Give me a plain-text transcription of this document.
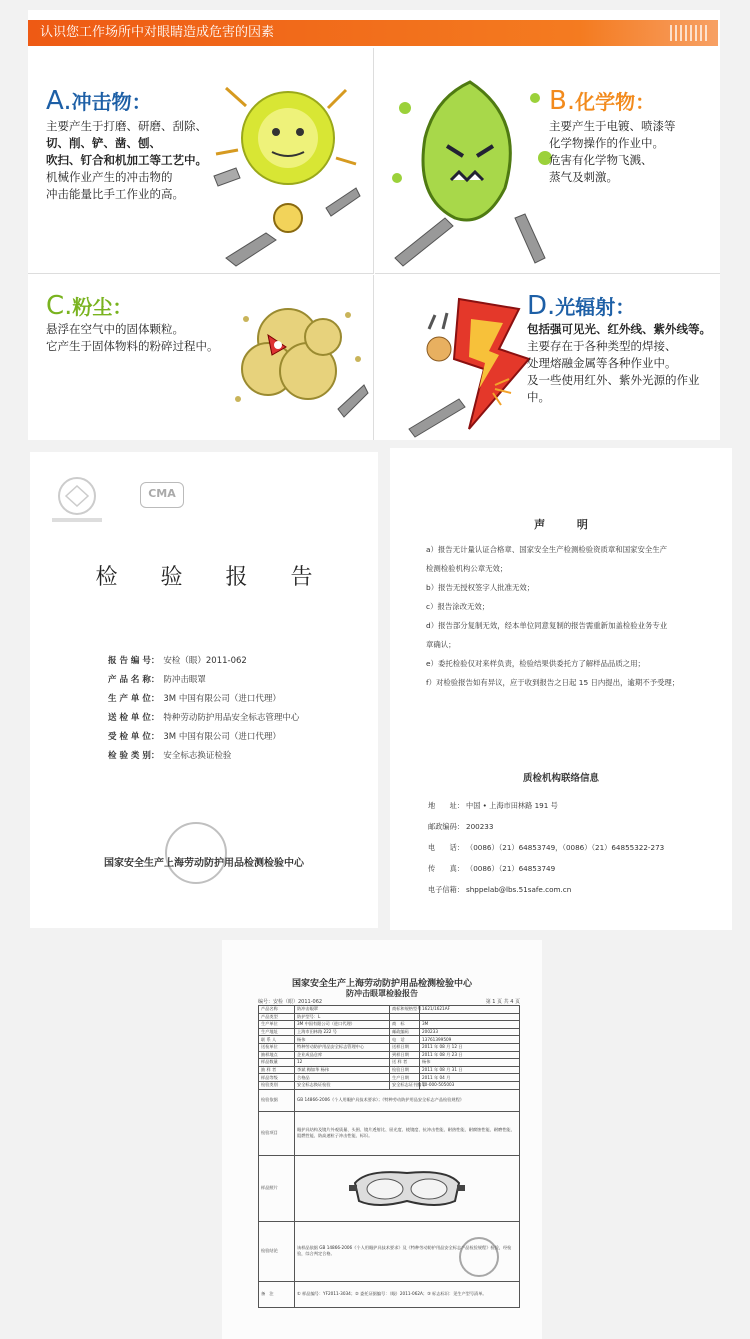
认识您工作场所中对眼睛造成危害的因素
A.冲击物：
主要产生于打磨、研磨、刮除、
切、削、铲、凿、刨、
吹扫、钉合和机加工等工艺中。
机械作业产生的冲击物的
冲击能量比手工作业的高。
B.化学物：
主要产生于电镀、喷漆等
化学物操作的作业中。
危害有化学物飞溅、
蒸气及刺激。
C.粉尘：
悬浮在空气中的固体颗粒。
它产生于固体物料的粉碎过程中。
D.光辐射：
包括强可见光、红外线、紫外线等。
主要存在于各种类型的焊接、
处理熔融金属等各种作业中。
及一些使用红外、紫外光源的作业中。
CMA
检 验 报 告
报 告 编 号： 安检（眼）2011-062
产 品 名 称： 防冲击眼罩
生 产 单 位： 3M 中国有限公司（进口代理）
送 检 单 位： 特种劳动防护用品安全标志管理中心
受 检 单 位： 3M 中国有限公司（进口代理）
检 验 类 别： 安全标志换证检验
国家安全生产上海劳动防护用品检测检验中心
声 明
a）报告无计量认证合格章、国家安全生产检测检验资质章和国家安全生产
检测检验机构公章无效；
b）报告无授权签字人批准无效；
c）报告涂改无效；
d）报告部分复制无效，经本单位同意复制的报告需重新加盖检验业务专业
章确认；
e）委托检验仅对来样负责，检验结果供委托方了解样品品质之用；
f）对检验报告如有异议，应于收到报告之日起 15 日内提出，逾期不予受理；
质检机构联络信息
地　　址： 中国 • 上海市田林路 191 号
邮政编码： 200233
电　　话： （0086）（21）64853749，（0086）（21）64855322-273
传　　真： （0086）（21）64853749
电子信箱： shppelab@lbs.51safe.com.cn
国家安全生产上海劳动防护用品检测检验中心
防冲击眼罩检验报告
编号：安检（眼）2011-062	第 1 页 共 4 页
产品名称	防冲击眼罩	商标和规格型号	1621/1621AF
产品类型	防护型号：L		
生产单位	3M 中国有限公司（进口代理）	商　标	3M
生产地址	上海市田林路 222 号	邮政编码	200233
联 系 人	杨伟	电　话	13761399509
送检单位	特种劳动防护用品安全标志管理中心	送样日期	2011 年 08 月 12 日
抽样地点	企业成品仓库	到样日期	2011 年 08 月 23 日
样品数量	12	送 样 者	杨伟
抽 样 者	李斌 梅如华 杨伟	检验日期	2011 年 08 月 31 日
样品等级	合格品	生产日期	2011 年 04 月
检验类别	安全标志换证检验	安全标志证书编号	10-000-505003
检验依据	GB 14866-2006《个人用眼护具技术要求》；《特种劳动防护用品安全标志产品检验规程》		
检验项目	眼护具结构及镜片外观质量、头围、镜片透射比、屈光度、棱镜度、抗冲击性能、耐热性能、耐腐蚀性能、耐磨性能、阻燃性能、防高速粒子冲击性能、标识。		
样品照片	

检验结论	该样品依据 GB 14866-2006《个人用眼护具技术要求》及《特种劳动防护用品安全标志产品检验规程》检验，经检验，综合判定合格。		

备　注	① 样品编号：YF2011-3034；② 委托证据编号：（眼）2011-062A；③ 标志标识：见生产型号清单。		
